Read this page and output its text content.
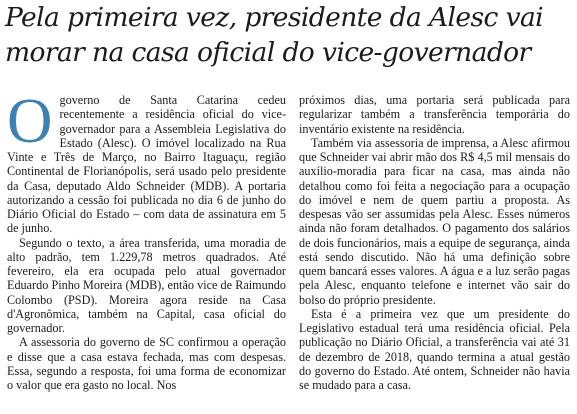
Pela primeira vez, presidente da Alesc vai
morar na casa oficial do vice-governador

Ogoverno de Santa Catarina cedeu recentemente a residência oficial do vice-governador para a Assembleia Legislativa do Estado (Alesc). O imóvel localizado na Rua Vinte e Três de Março, no Bairro Itaguaçu, região Continental de Florianópolis, será usado pelo presidente da Casa, deputado Aldo Schneider (MDB). A portaria autorizando a cessão foi publicada no dia 6 de junho do Diário Oficial do Estado – com data de assinatura em 5 de junho.

Segundo o texto, a área transferida, uma moradia de alto padrão, tem 1.229,78 metros quadrados. Até fevereiro, ela era ocupada pelo atual governador Eduardo Pinho Moreira (MDB), então vice de Raimundo Colombo (PSD). Moreira agora reside na Casa d'Agronômica, também na Capital, casa oficial do governador.

A assessoria do governo de SC confirmou a operação e disse que a casa estava fechada, mas com despesas. Essa, segundo a resposta, foi uma forma de economizar o valor que era gasto no local. Nos

próximos dias, uma portaria será publicada para regularizar também a transferência temporária do inventário existente na residência.

Também via assessoria de imprensa, a Alesc afirmou que Schneider vai abrir mão dos R$ 4,5 mil mensais do auxílio-moradia para ficar na casa, mas ainda não detalhou como foi feita a negociação para a ocupação do imóvel e nem de quem partiu a proposta. As despesas vão ser assumidas pela Alesc. Esses números ainda não foram detalhados. O pagamento dos salários de dois funcionários, mais a equipe de segurança, ainda está sendo discutido. Não há uma definição sobre quem bancará esses valores. A água e a luz serão pagas pela Alesc, enquanto telefone e internet vão sair do bolso do próprio presidente.

Esta é a primeira vez que um presidente do Legislativo estadual terá uma residência oficial. Pela publicação no Diário Oficial, a transferência vai até 31 de dezembro de 2018, quando termina a atual gestão do governo do Estado. Até ontem, Schneider não havia se mudado para a casa.
